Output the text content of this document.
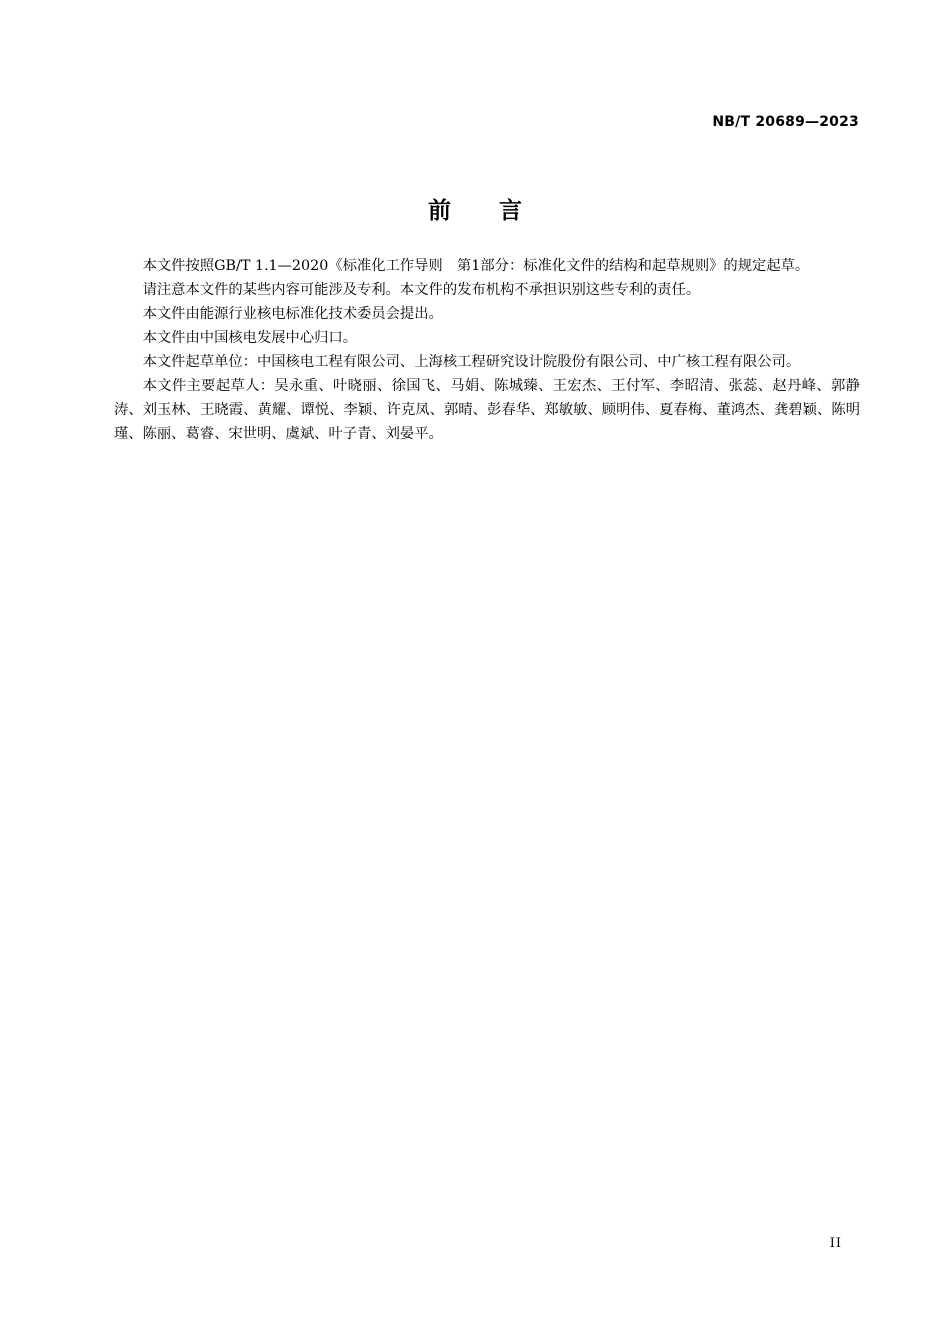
NB/T 20689—2023
前 言

本文件按照GB/T 1.1—2020《标准化工作导则　第1部分：标准化文件的结构和起草规则》的规定起草。

请注意本文件的某些内容可能涉及专利。本文件的发布机构不承担识别这些专利的责任。

本文件由能源行业核电标准化技术委员会提出。

本文件由中国核电发展中心归口。

本文件起草单位：中国核电工程有限公司、上海核工程研究设计院股份有限公司、中广核工程有限公司。

本文件主要起草人：吴永重、叶晓丽、徐国飞、马娟、陈城臻、王宏杰、王付军、李昭清、张蕊、赵丹峰、郭静涛、刘玉林、王晓霞、黄耀、谭悦、李颖、许克凤、郭晴、彭春华、郑敏敏、顾明伟、夏春梅、董鸿杰、龚碧颖、陈明瑾、陈丽、葛睿、宋世明、虞斌、叶子青、刘晏平。

II
